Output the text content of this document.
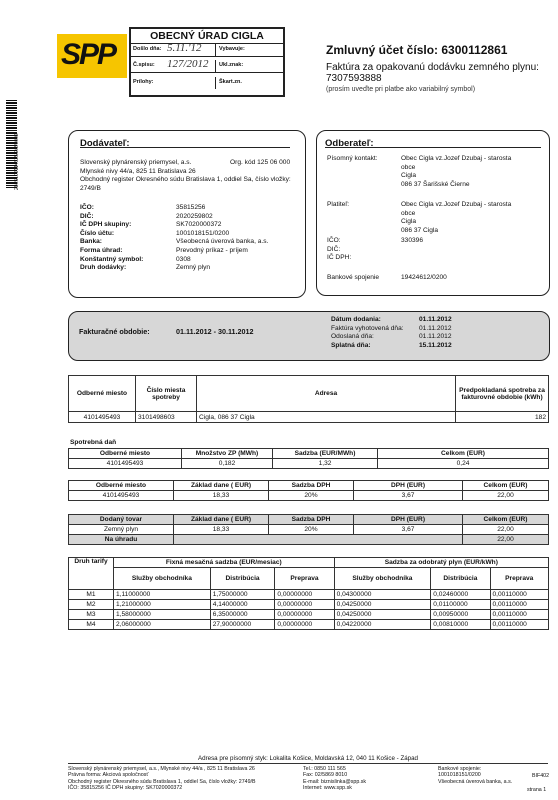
SPP
OBECNÝ ÚRAD CIGLA
Došlo dňa: 5.11.'12	Vybavuje:
Č.spisu: 127/2012 Ukl.znak:
Prílohy:	Škart.zn.
Zmluvný účet číslo: 6300112861
Faktúra za opakovanú dodávku zemného plynu:
7307593888
(prosím uveďte pri platbe ako variabilný symbol)
2865100114625/2/2/0002	Dodávateľ:
Slovenský plynárenský priemysel, a.s.	Org. kód 125 06 000
Mlynské nivy 44/a, 825 11 Bratislava 26
Obchodný register Okresného súdu Bratislava 1, oddiel Sa, číslo vložky: 2749/B
IČO:	35815256
DIČ:	2020259802
IČ DPH skupiny:	SK7020000372
Číslo účtu:	1001018151/0200
Banka:	Všeobecná úverová banka, a.s.
Forma úhrad:	Prevodný príkaz - príjem
Konštantný symbol:	0308
Druh dodávky:	Zemný plyn
Odberateľ:
Písomný kontakt:	Obec Cigla vz.Jozef Dzubaj - starosta
obce
Cigla
086 37 Šarišské Čierne
Platiteľ:	Obec Cigla vz.Jozef Dzubaj - starosta
obce
Cigla
086 37 Cigla
IČO:	330396
DIČ:
IČ DPH:
Bankové spojenie	19424612/0200
Fakturačné obdobie:	01.11.2012 - 30.11.2012
Dátum dodania:	01.11.2012
Faktúra vyhotovená dňa: 01.11.2012
Odoslaná dňa:	01.11.2012
Splatná dňa:	15.11.2012
Odberné miesto	Číslo miesta spotreby	Adresa	Predpokladaná spotreba za fakturovné obdobie (kWh)
4101495493	3101498603	Cigla, 086 37 Cigla	182
Spotrebná daň
Odberné miesto	Množstvo ZP (MWh)	Sadzba (EUR/MWh)	Celkom (EUR)
4101495493	0,182	1,32	0,24
Odberné miesto	Základ dane ( EUR)	Sadzba DPH	DPH (EUR)	Celkom (EUR)
4101495493	18,33	20%	3,67	22,00
Dodaný tovar	Základ dane ( EUR)	Sadzba DPH	DPH (EUR)	Celkom (EUR)
Zemný plyn	18,33	20%	3,67	22,00
Na úhradu				22,00
Druh tarify	Fixná mesačná sadzba (EUR/mesiac)			Sadzba za odobratý plyn (EUR/kWh)		
	Služby obchodníka	Distribúcia	Preprava	Služby obchodníka	Distribúcia	Preprava
M1	1,11000000	1,75000000	0,00000000	0,04300000	0,02460000	0,00110000
M2	1,21000000	4,14000000	0,00000000	0,04250000	0,01100000	0,00110000
M3	1,58000000	6,35000000	0,00000000	0,04250000	0,00950000	0,00110000
M4	2,06000000	27,90000000	0,00000000	0,04220000	0,00810000	0,00110000
Adresa pre písomný styk: Lokalita Košice, Moldavská 12, 040 11 Košice - Západ
Slovenský plynárenský priemysel, a.s., Mlynské nivy 44/a , 825 11 Bratislava 26
Právna forma: Akciová spoločnosť
Obchodný register Okresného súdu Bratislava 1, oddiel Sa, číslo vložky: 2749/B
IČO: 35815256 IČ DPH skupiny: SK7020000372
Tel.: 0850 111 565
Fax: 02/5869 8010
E-mail: biznislinka@spp.sk
Internet: www.spp.sk
Bankové spojenie:
1001018151/0200
Všeobecná úverová banka, a.s.
BIF402
strana 1
